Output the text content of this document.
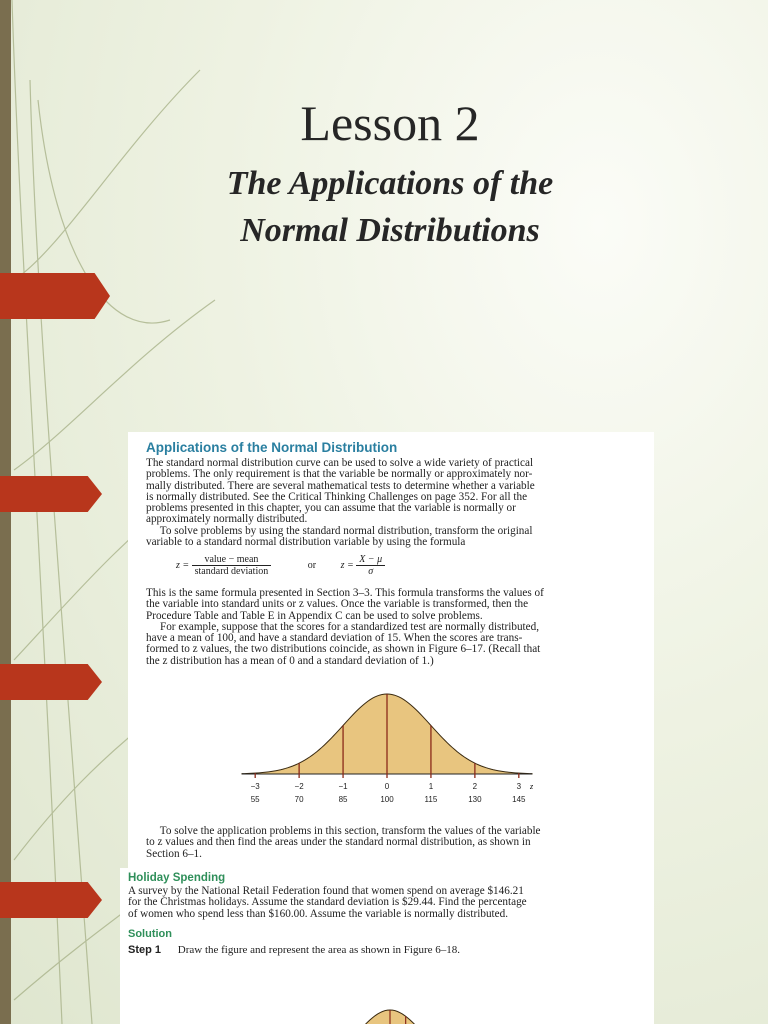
Lesson 2
The Applications of the
Normal Distributions
Applications of the Normal Distribution
The standard normal distribution curve can be used to solve a wide variety of practical
problems. The only requirement is that the variable be normally or approximately nor-
mally distributed. There are several mathematical tests to determine whether a variable
is normally distributed. See the Critical Thinking Challenges on page 352. For all the
problems presented in this chapter, you can assume that the variable is normally or
approximately normally distributed.
To solve problems by using the standard normal distribution, transform the original
variable to a standard normal distribution variable by using the formula
$z = \frac{\text{value − mean}}{\text{standard deviation}}$	or $z = \frac{X - \mu}{\sigma}$
This is the same formula presented in Section 3–3. This formula transforms the values of
the variable into standard units or z values. Once the variable is transformed, then the
Procedure Table and Table E in Appendix C can be used to solve problems.
For example, suppose that the scores for a standardized test are normally distributed,
have a mean of 100, and have a standard deviation of 15. When the scores are trans-
formed to z values, the two distributions coincide, as shown in Figure 6–17. (Recall that
the z distribution has a mean of 0 and a standard deviation of 1.)
−3
55
−2
70
−1
85
0
100
1
115
2
130
3
145
z
To solve the application problems in this section, transform the values of the variable
to z values and then find the areas under the standard normal distribution, as shown in
Section 6–1.
Holiday Spending
A survey by the National Retail Federation found that women spend on average $146.21
for the Christmas holidays. Assume the standard deviation is $29.44. Find the percentage
of women who spend less than $160.00. Assume the variable is normally distributed.
Solution
Step 1 Draw the figure and represent the area as shown in Figure 6–18.
